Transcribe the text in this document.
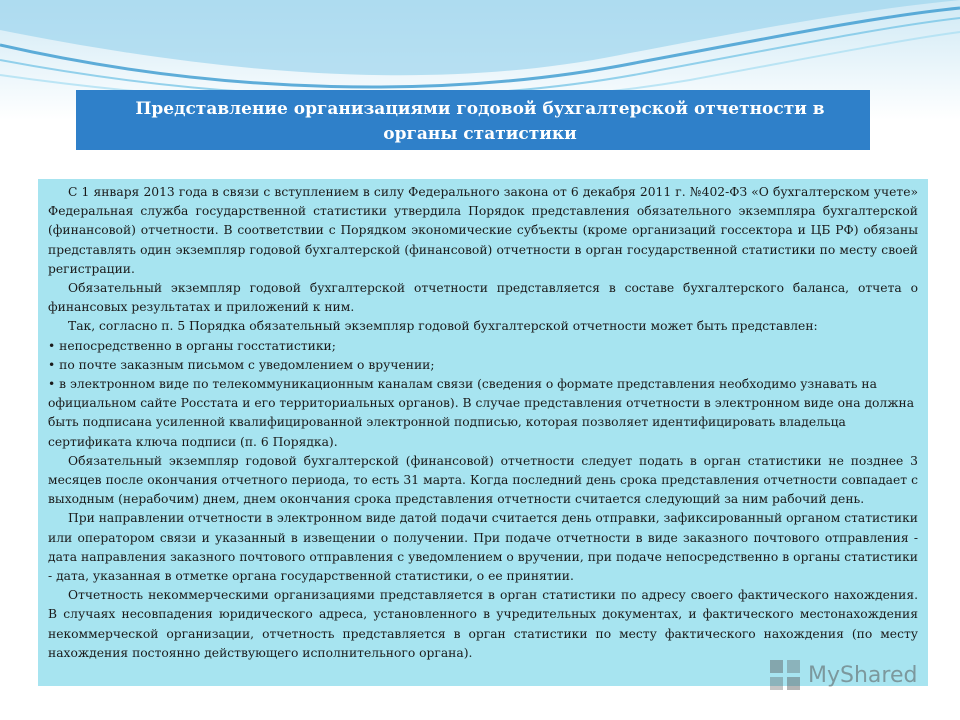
Представление организациями годовой бухгалтерской отчетности в органы статистики

С 1 января 2013 года в связи с вступлением в силу Федерального закона от 6 декабря 2011 г. №402-ФЗ «О бухгалтерском учете» Федеральная служба государственной статистики утвердила Порядок представления обязательного экземпляра бухгалтерской (финансовой) отчетности. В соответствии с Порядком экономические субъекты (кроме организаций госсектора и ЦБ РФ) обязаны представлять один экземпляр годовой бухгалтерской (финансовой) отчетности в орган государственной статистики по месту своей регистрации.

Обязательный экземпляр годовой бухгалтерской отчетности представляется в составе бухгалтерского баланса, отчета о финансовых результатах и приложений к ним.

Так, согласно п. 5 Порядка обязательный экземпляр годовой бухгалтерской отчетности может быть представлен:

• непосредственно в органы госстатистики;

• по почте заказным письмом с уведомлением о вручении;

• в электронном виде по телекоммуникационным каналам связи (сведения о формате представления необходимо узнавать на официальном сайте Росстата и его территориальных органов). В случае представления отчетности в электронном виде она должна быть подписана усиленной квалифицированной электронной подписью, которая позволяет идентифицировать владельца сертификата ключа подписи (п. 6 Порядка).

Обязательный экземпляр годовой бухгалтерской (финансовой) отчетности следует подать в орган статистики не позднее 3 месяцев после окончания отчетного периода, то есть 31 марта. Когда последний день срока представления отчетности совпадает с выходным (нерабочим) днем, днем окончания срока представления отчетности считается следующий за ним рабочий день.

При направлении отчетности в электронном виде датой подачи считается день отправки, зафиксированный органом статистики или оператором связи и указанный в извещении о получении. При подаче отчетности в виде заказного почтового отправления - дата направления заказного почтового отправления с уведомлением о вручении, при подаче непосредственно в органы статистики - дата, указанная в отметке органа государственной статистики, о ее принятии.

Отчетность некоммерческими организациями представляется в орган статистики по адресу своего фактического нахождения. В случаях несовпадения юридического адреса, установленного в учредительных документах, и фактического местонахождения некоммерческой организации, отчетность представляется в орган статистики по месту фактического нахождения (по месту нахождения постоянно действующего исполнительного органа).

MyShared
